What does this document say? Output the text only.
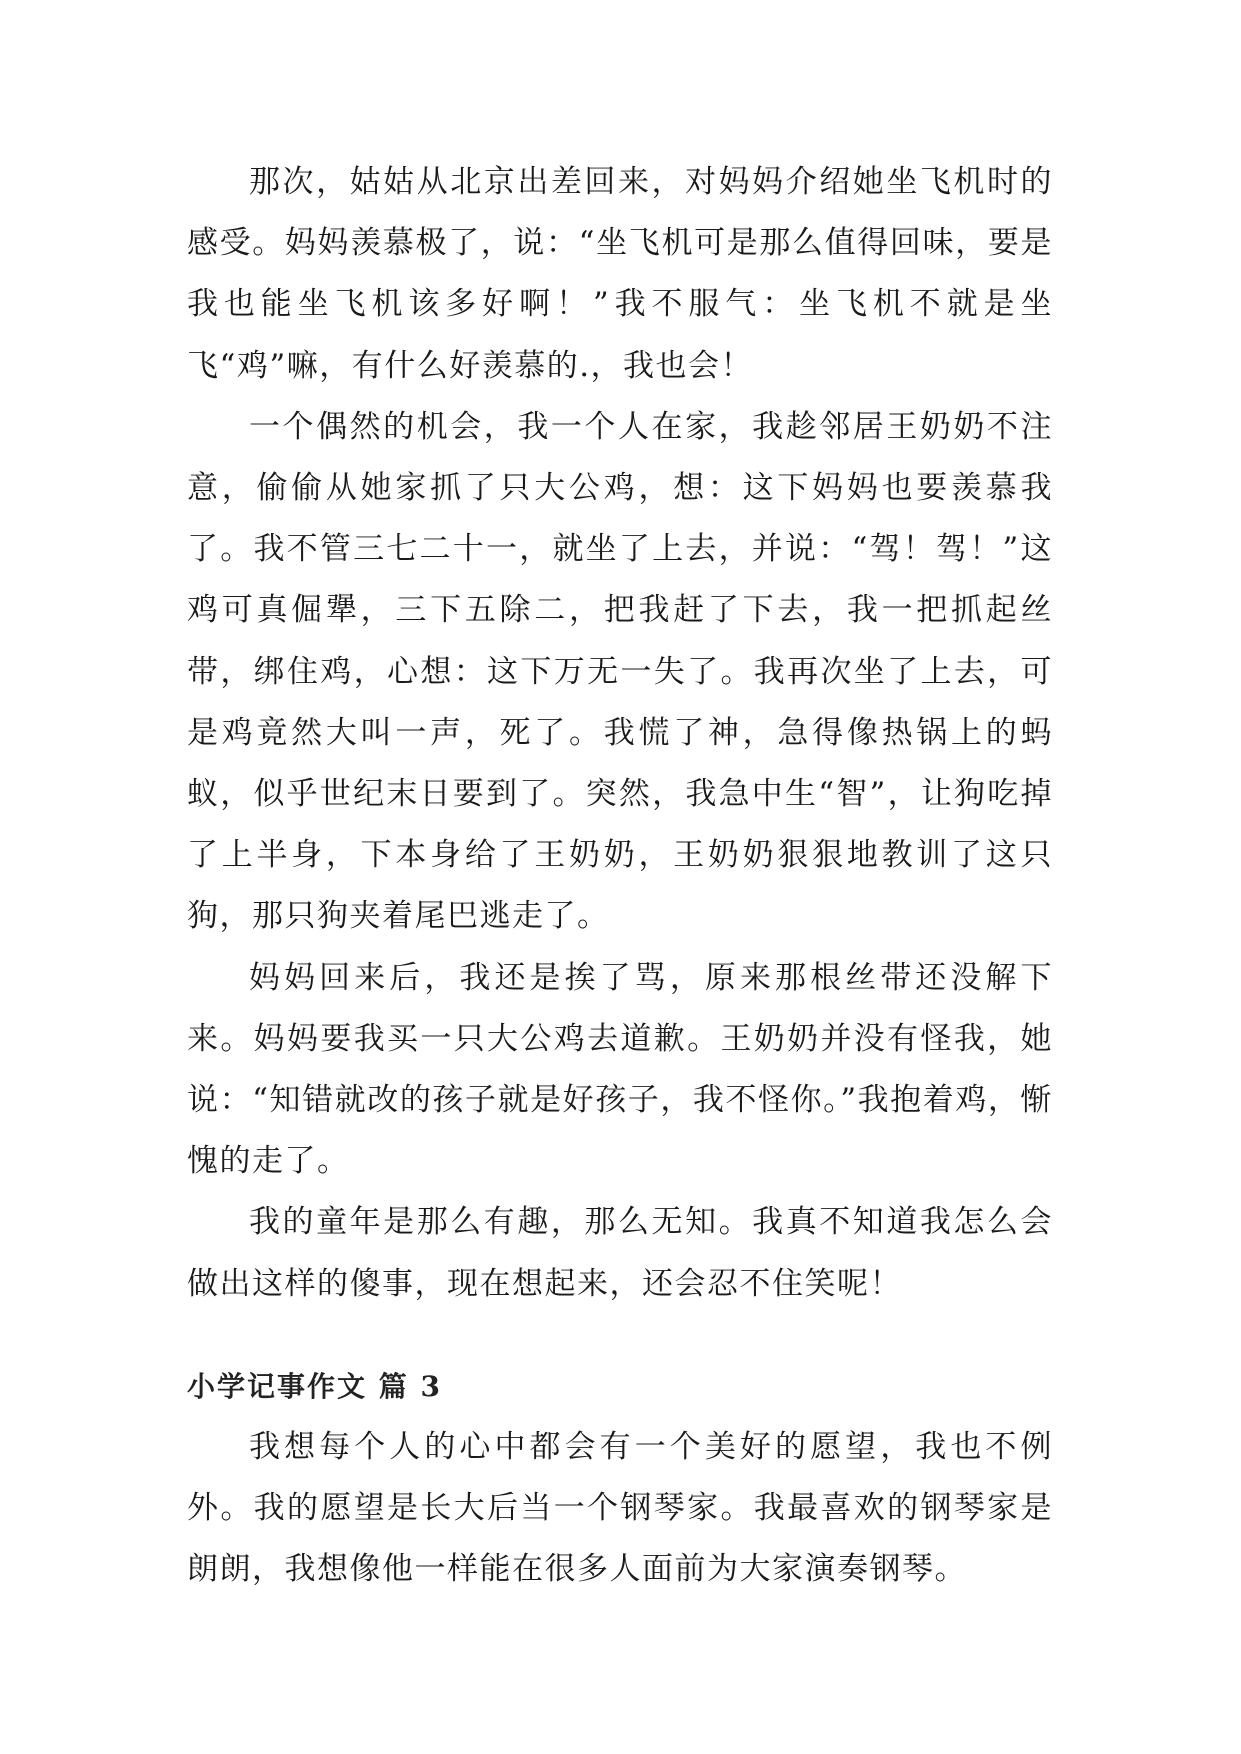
那次，姑姑从北京出差回来，对妈妈介绍她坐飞机时的感受。妈妈羡慕极了，说：“坐飞机可是那么值得回味，要是我也能坐飞机该多好啊！”我不服气：坐飞机不就是坐飞“鸡”嘛，有什么好羡慕的.，我也会！

一个偶然的机会，我一个人在家，我趁邻居王奶奶不注意，偷偷从她家抓了只大公鸡，想：这下妈妈也要羡慕我了。我不管三七二十一，就坐了上去，并说：“驾！驾！”这鸡可真倔犟，三下五除二，把我赶了下去，我一把抓起丝带，绑住鸡，心想：这下万无一失了。我再次坐了上去，可是鸡竟然大叫一声，死了。我慌了神，急得像热锅上的蚂蚁，似乎世纪末日要到了。突然，我急中生“智”，让狗吃掉了上半身，下本身给了王奶奶，王奶奶狠狠地教训了这只狗，那只狗夹着尾巴逃走了。

妈妈回来后，我还是挨了骂，原来那根丝带还没解下来。妈妈要我买一只大公鸡去道歉。王奶奶并没有怪我，她说：“知错就改的孩子就是好孩子，我不怪你。”我抱着鸡，惭愧的走了。

我的童年是那么有趣，那么无知。我真不知道我怎么会做出这样的傻事，现在想起来，还会忍不住笑呢！

小学记事作文 篇 3

我想每个人的心中都会有一个美好的愿望，我也不例外。我的愿望是长大后当一个钢琴家。我最喜欢的钢琴家是朗朗，我想像他一样能在很多人面前为大家演奏钢琴。
